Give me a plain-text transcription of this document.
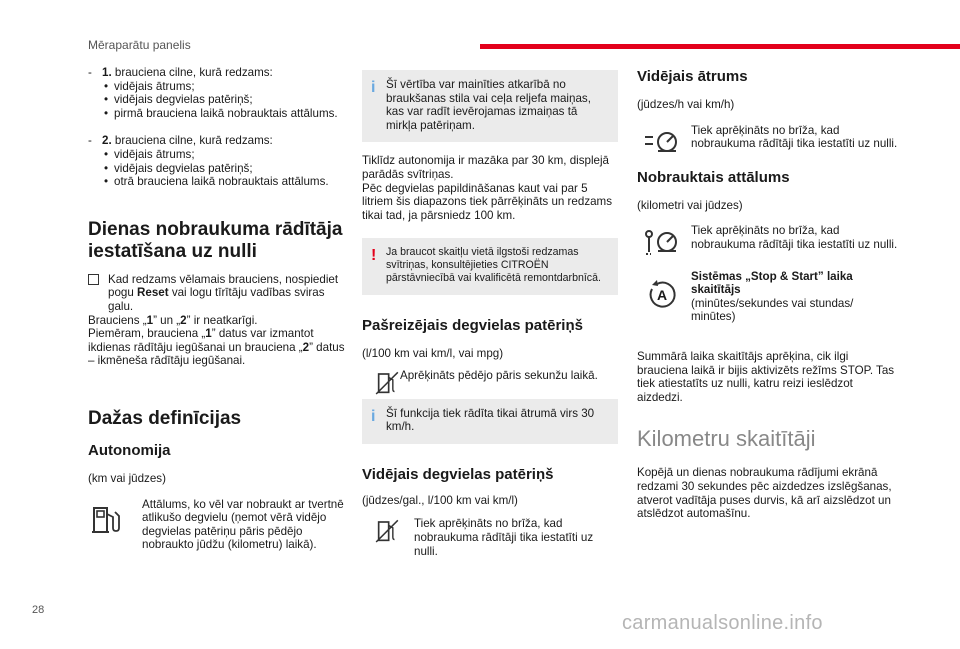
Mēraparātu panelis
- 1. brauciena cilne, kurā redzams:
• vidējais ātrums;
• vidējais degvielas patēriņš;
• pirmā brauciena laikā nobrauktais attālums.
- 2. brauciena cilne, kurā redzams:
• vidējais ātrums;
• vidējais degvielas patēriņš;
• otrā brauciena laikā nobrauktais attālums.
Dienas nobraukuma rādītāja iestatīšana uz nulli
Kad redzams vēlamais brauciens, nospiediet pogu Reset vai logu tīrītāju vadības sviras galu.
Brauciens „1” un „2” ir neatkarīgi.
Piemēram, brauciena „1” datus var izmantot ikdienas rādītāju iegūšanai un brauciena „2” datus – ikmēneša rādītāju iegūšanai.
Dažas definīcijas
Autonomija

(km vai jūdzes)

Attālums, ko vēl var nobraukt ar tvertnē atlikušo degvielu (ņemot vērā vidējo degvielas patēriņu pāris pēdējo nobraukto jūdžu (kilometru) laikā).
i Šī vērtība var mainīties atkarībā no braukšanas stila vai ceļa reljefa maiņas, kas var radīt ievērojamas izmaiņas tā mirkļa patēriņam.

Tiklīdz autonomija ir mazāka par 30 km, displejā parādās svītriņas.

Pēc degvielas papildināšanas kaut vai par 5 litriem šis diapazons tiek pārrēķināts un redzams tikai tad, ja pārsniedz 100 km.

! Ja braucot skaitļu vietā ilgstoši redzamas svītriņas, konsultējieties CITROËN pārstāvniecībā vai kvalificētā remontdarbnīcā.

Pašreizējais degvielas patēriņš

(l/100 km vai km/l, vai mpg)

Aprēķināts pēdējo pāris sekunžu laikā.
i Šī funkcija tiek rādīta tikai ātrumā virs 30 km/h.

Vidējais degvielas patēriņš

(jūdzes/gal., l/100 km vai km/l)

Tiek aprēķināts no brīža, kad nobraukuma rādītāji tika iestatīti uz nulli.
Vidējais ātrums

(jūdzes/h vai km/h)

Tiek aprēķināts no brīža, kad nobraukuma rādītāji tika iestatīti uz nulli.
Nobrauktais attālums

(kilometri vai jūdzes)

Tiek aprēķināts no brīža, kad nobraukuma rādītāji tika iestatīti uz nulli.
A
Sistēmas „Stop & Start” laika skaitītājs
(minūtes/sekundes vai stundas/ minūtes)

Summārā laika skaitītājs aprēķina, cik ilgi brauciena laikā ir bijis aktivizēts režīms STOP. Tas tiek atiestatīts uz nulli, katru reizi ieslēdzot aizdedzi.

Kilometru skaitītāji

Kopējā un dienas nobraukuma rādījumi ekrānā redzami 30 sekundes pēc aizdedzes izslēgšanas, atverot vadītāja puses durvis, kā arī aizslēdzot un atslēdzot automašīnu.

28
carmanualsonline.info
